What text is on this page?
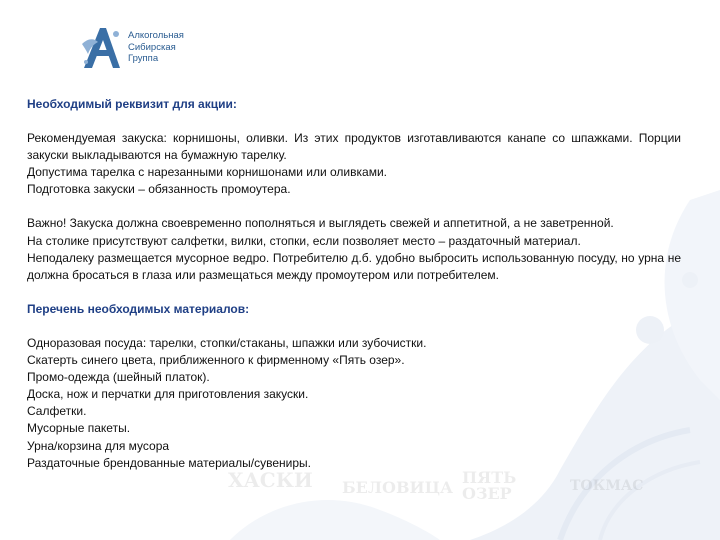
Алкогольная
Сибирская
Группа

Необходимый реквизит для акции:

Рекомендуемая закуска: корнишоны, оливки. Из этих продуктов изготавливаются канапе со шпажками. Порции закуски выкладываются на бумажную тарелку.

Допустима тарелка с нарезанными корнишонами или оливками.

Подготовка закуски – обязанность промоутера.

Важно! Закуска должна своевременно пополняться и выглядеть свежей и аппетитной, а не заветренной.

На столике присутствуют салфетки, вилки, стопки, если позволяет место – раздаточный материал.

Неподалеку размещается мусорное ведро. Потребителю д.б. удобно выбросить использованную посуду, но урна не должна бросаться в глаза или размещаться между промоутером или потребителем.

Перечень необходимых материалов:

Одноразовая посуда: тарелки, стопки/стаканы, шпажки или зубочистки.

Скатерть синего цвета, приближенного к фирменному «Пять озер».

Промо-одежда (шейный платок).

Доска, нож и перчатки для приготовления закуски.

Салфетки.

Мусорные пакеты.

Урна/корзина для мусора

Раздаточные брендованные материалы/сувениры.

ХАСКИ БЕЛОВИЦА
ПЯТЬ ОЗЕР	ТОКМАС
